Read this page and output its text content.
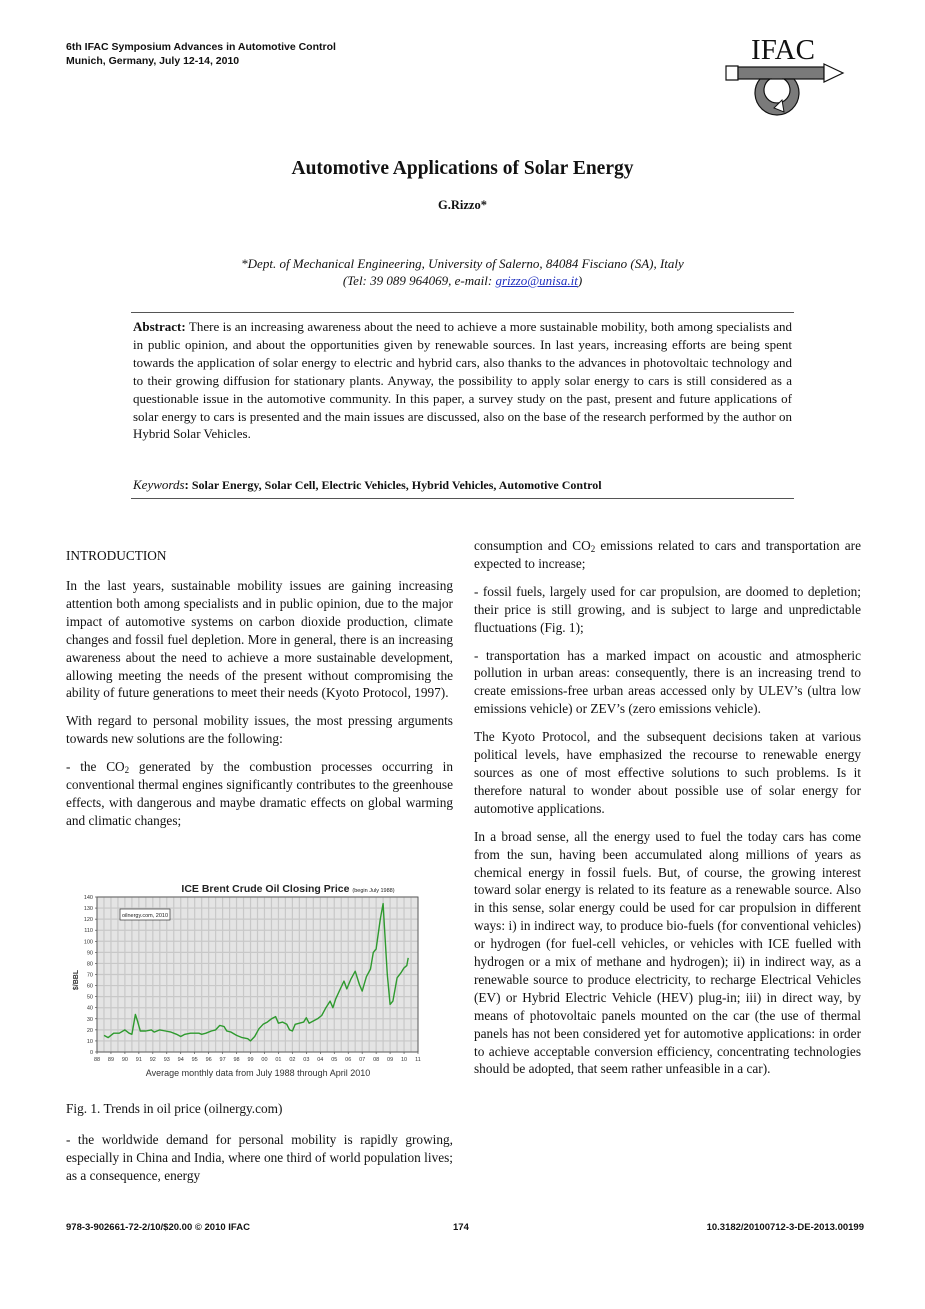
6th IFAC Symposium Advances in Automotive Control
Munich, Germany, July 12-14, 2010	IFAC
Automotive Applications of Solar Energy
G.Rizzo*
*Dept. of Mechanical Engineering, University of Salerno, 84084 Fisciano (SA), Italy
(Tel: 39 089 964069, e-mail: grizzo@unisa.it)
Abstract: There is an increasing awareness about the need to achieve a more sustainable mobility, both among specialists and in public opinion, and about the opportunities given by renewable sources. In last years, increasing efforts are being spent towards the application of solar energy to electric and hybrid cars, also thanks to the advances in photovoltaic technology and to their growing diffusion for stationary plants. Anyway, the possibility to apply solar energy to cars is still considered as a questionable issue in the automotive community. In this paper, a survey study on the past, present and future applications of solar energy to cars is presented and the main issues are discussed, also on the base of the research performed by the author on Hybrid Solar Vehicles.
Keywords: Solar Energy, Solar Cell, Electric Vehicles, Hybrid Vehicles, Automotive Control
INTRODUCTION

In the last years, sustainable mobility issues are gaining increasing attention both among specialists and in public opinion, due to the major impact of automotive systems on carbon dioxide production, climate changes and fossil fuel depletion. More in general, there is an increasing awareness about the need to achieve a more sustainable development, allowing meeting the needs of the present without compromising the ability of future generations to meet their needs (Kyoto Protocol, 1997).

With regard to personal mobility issues, the most pressing arguments towards new solutions are the following:

- the $CO_2$ generated by the combustion processes occurring in conventional thermal engines significantly contributes to the greenhouse effects, with dangerous and maybe dramatic effects on global warming and climatic changes;

ICE Brent Crude Oil Closing Price (begin July 1988)
0
10
20
30
40
50
60
70
80
90
100
110
120
130
140
88 89 90 91 92 93 94 95 96 97 98 99 00 01 02 03 04 05 06 07 08 09 10 11
oilnergy.com, 2010
Average monthly data from July 1988 through April 2010
$/BBL
Fig. 1. Trends in oil price (oilnergy.com)

- the worldwide demand for personal mobility is rapidly growing, especially in China and India, where one third of world population lives; as a consequence, energy

consumption and $CO_2$ emissions related to cars and transportation are expected to increase;

- fossil fuels, largely used for car propulsion, are doomed to depletion; their price is still growing, and is subject to large and unpredictable fluctuations (Fig. 1);

- transportation has a marked impact on acoustic and atmospheric pollution in urban areas: consequently, there is an increasing trend to create emissions-free urban areas accessed only by ULEV’s (ultra low emissions vehicle) or ZEV’s (zero emissions vehicle).

The Kyoto Protocol, and the subsequent decisions taken at various political levels, have emphasized the recourse to renewable energy sources as one of most effective solutions to such problems. Is it therefore natural to wonder about possible use of solar energy for automotive applications.

In a broad sense, all the energy used to fuel the today cars has come from the sun, having been accumulated along millions of years as chemical energy in fossil fuels. But, of course, the growing interest toward solar energy is related to its feature as a renewable source. Also in this sense, solar energy could be used for car propulsion in different ways: i) in indirect way, to produce bio-fuels (for conventional vehicles) or hydrogen (for fuel-cell vehicles, or vehicles with ICE fuelled with hydrogen or a mix of methane and hydrogen); ii) in indirect way, as a renewable source to produce electricity, to recharge Electrical Vehicles (EV) or Hybrid Electric Vehicle (HEV) plug-in; iii) in direct way, by means of photovoltaic panels mounted on the car (the use of thermal panels has not been considered yet for automotive applications: in order to achieve acceptable conversion efficiency, concentrating technologies should be adopted, that seem rather unfeasible in a car).

978-3-902661-72-2/10/$20.00 © 2010 IFAC	174	10.3182/20100712-3-DE-2013.00199
